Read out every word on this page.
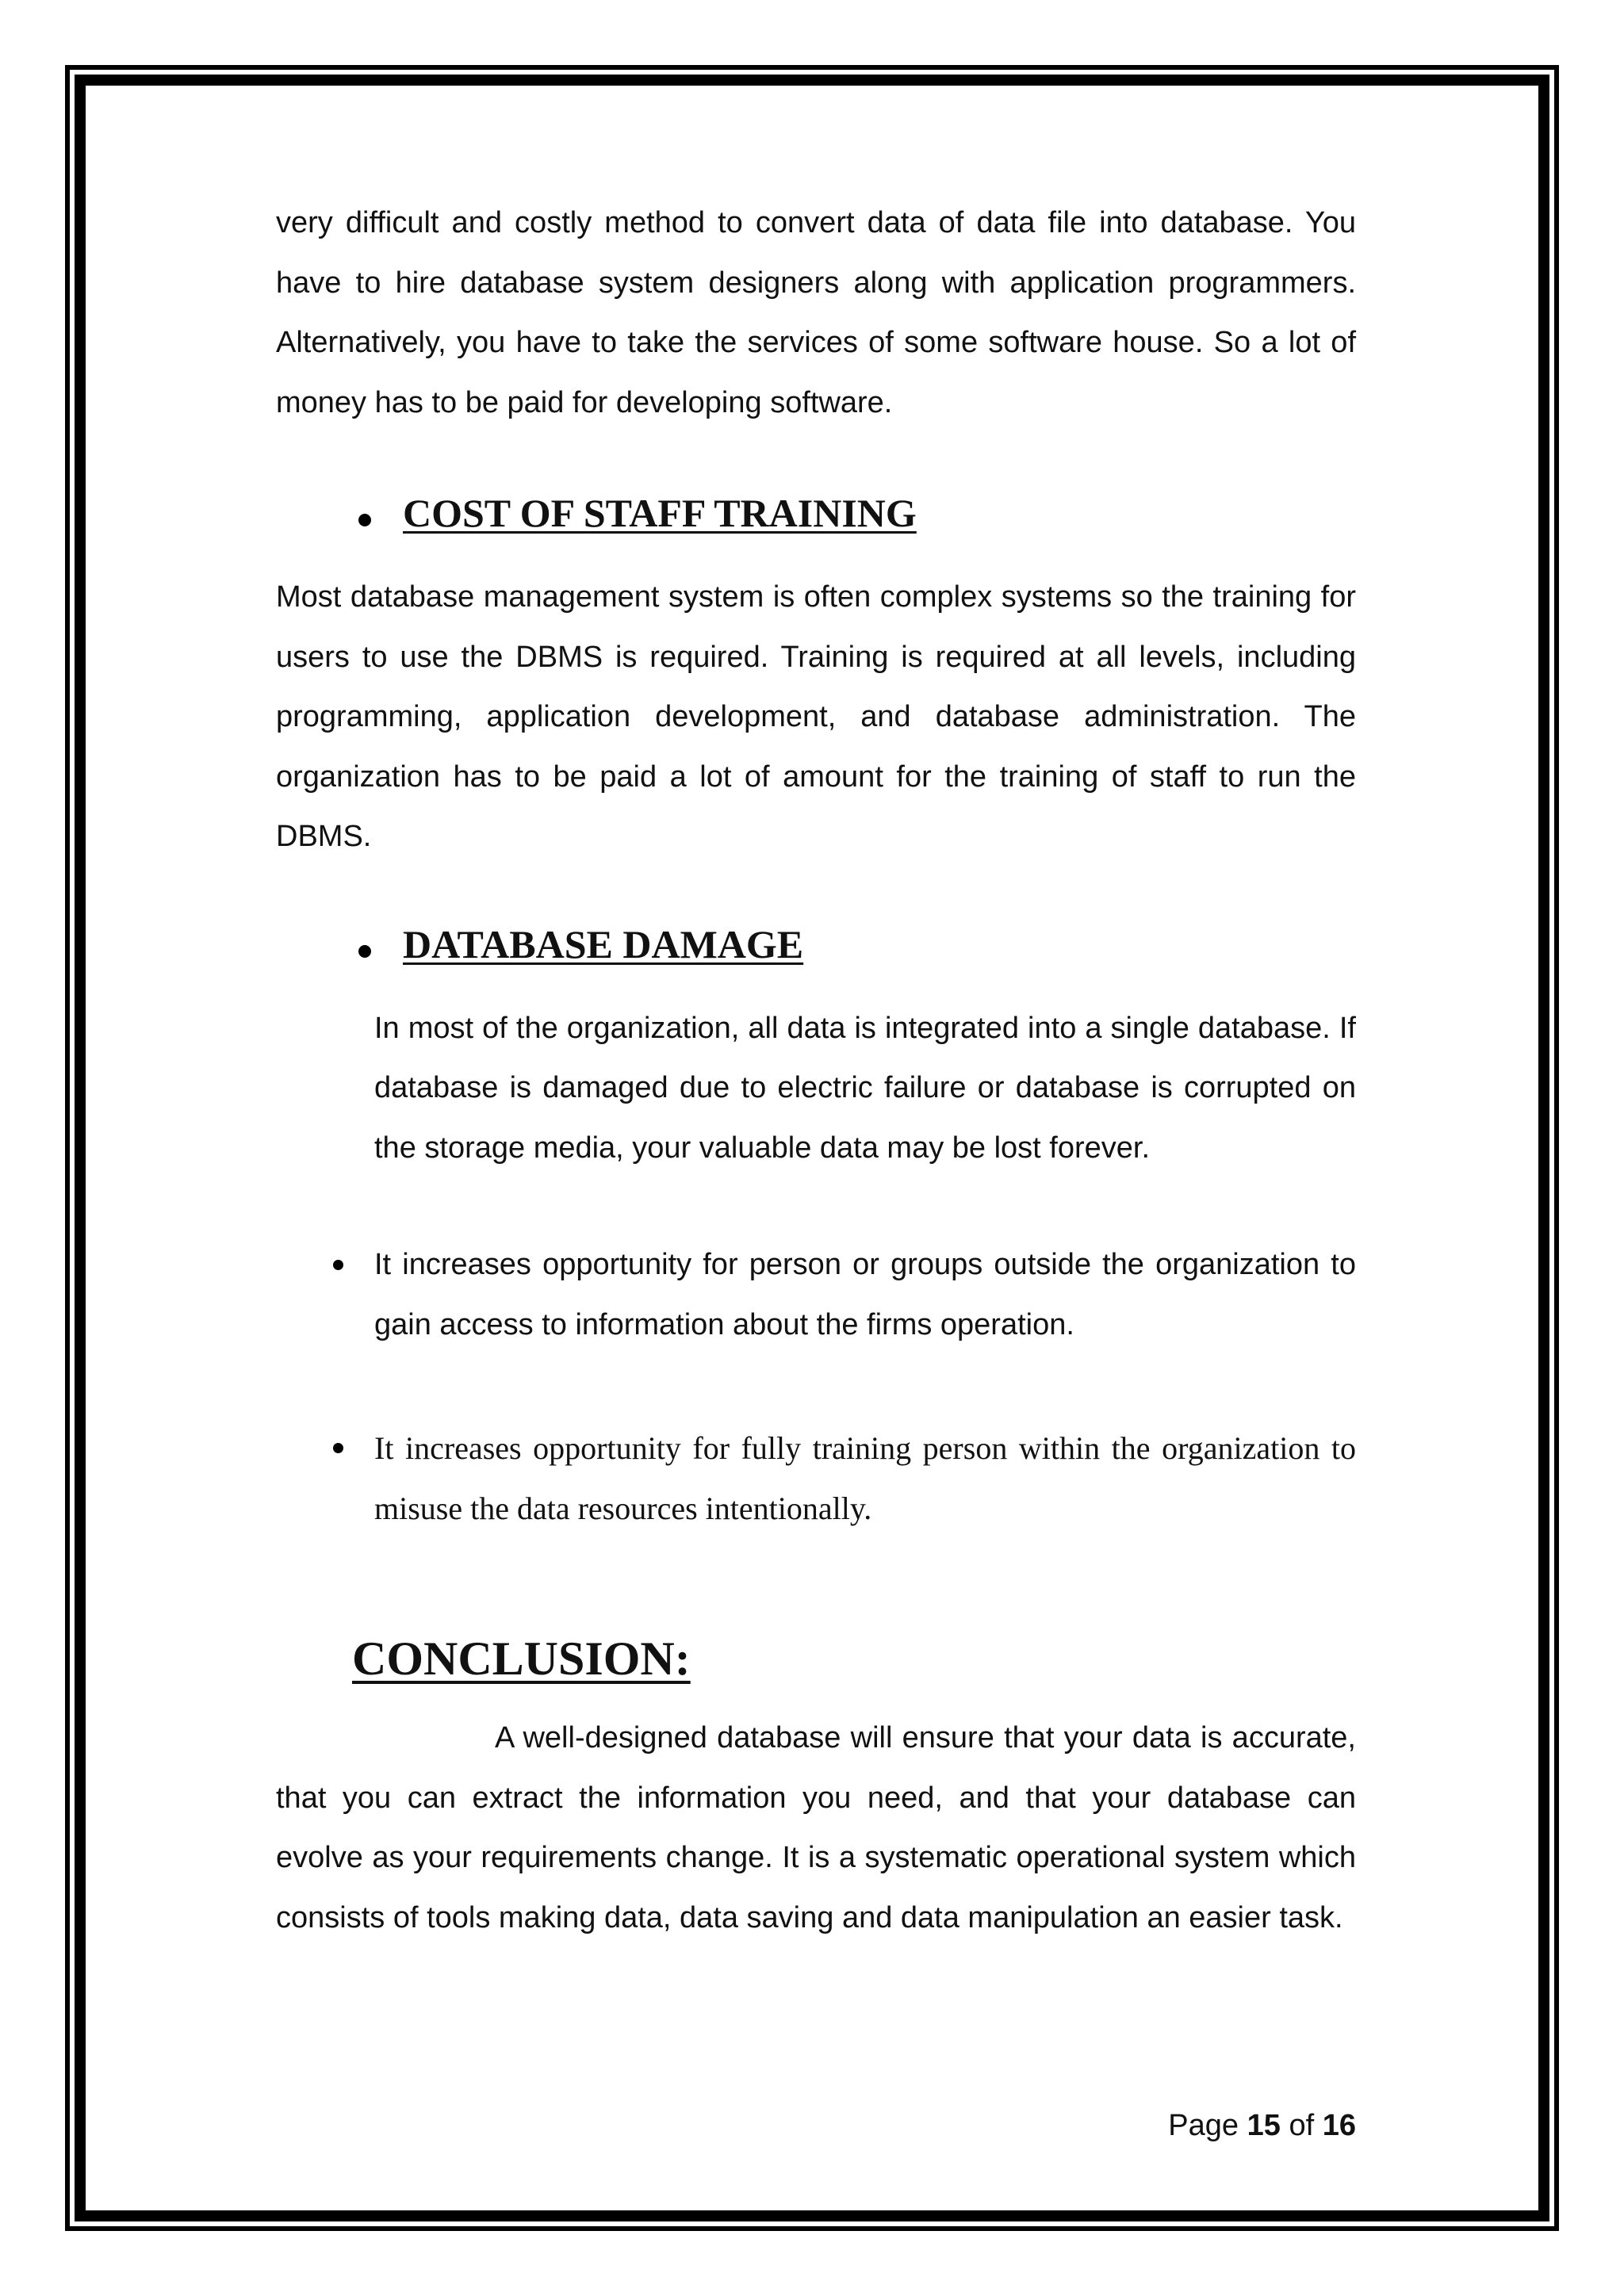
very difficult and costly method to convert data of data file into database. You have to hire database system designers along with application programmers. Alternatively, you have to take the services of some software house. So a lot of money has to be paid for developing software.

COST OF STAFF TRAINING

Most database management system is often complex systems so the training for users to use the DBMS is required. Training is required at all levels, including programming, application development, and database administration. The organization has to be paid a lot of amount for the training of staff to run the DBMS.

DATABASE DAMAGE

In most of the organization, all data is integrated into a single database. If database is damaged due to electric failure or database is corrupted on the storage media, your valuable data may be lost forever.

It increases opportunity for person or groups outside the organization to gain access to information about the firms operation.

It increases opportunity for fully training person within the organization to misuse the data resources intentionally.

CONCLUSION:

A well-designed database will ensure that your data is accurate, that you can extract the information you need, and that your database can evolve as your requirements change. It is a systematic operational system which consists of tools making data, data saving and data manipulation an easier task.

Page 15 of 16
